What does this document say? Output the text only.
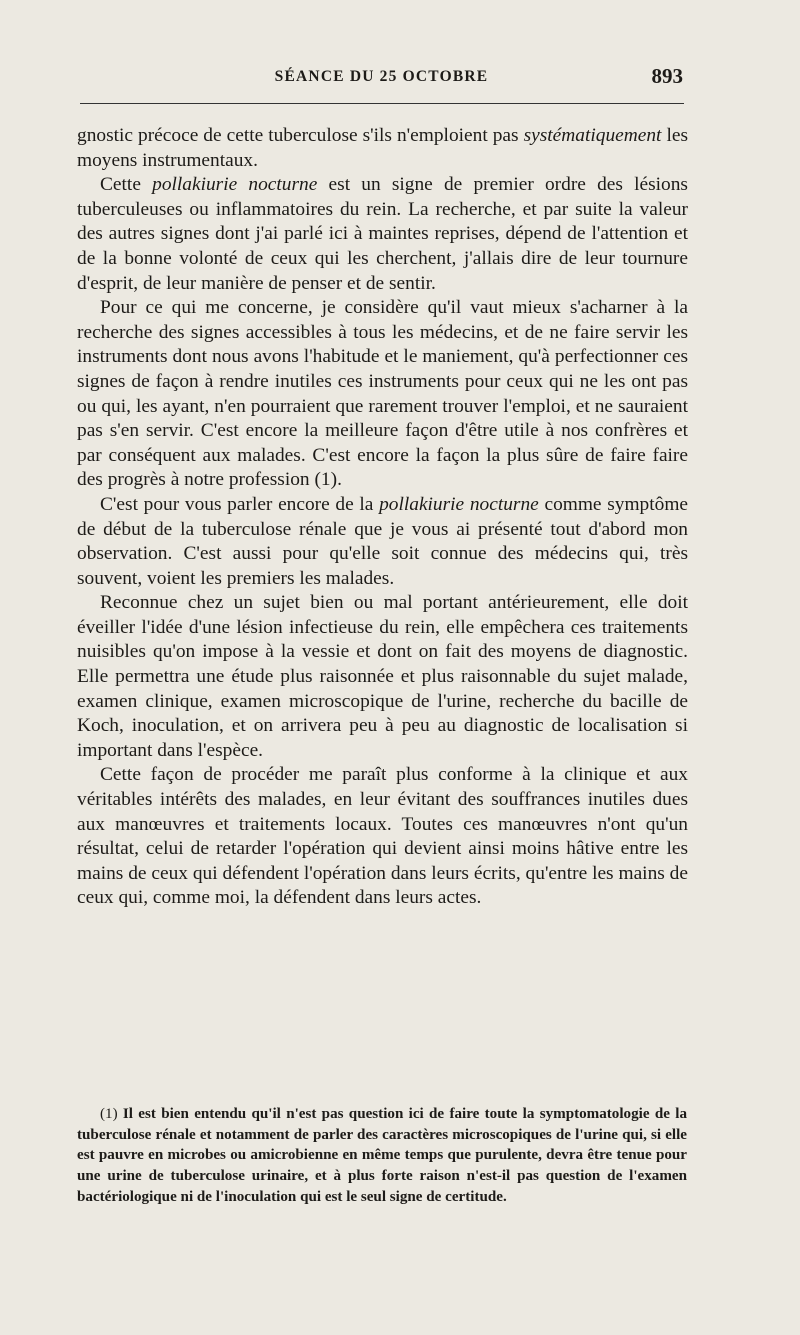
SÉANCE DU 25 OCTOBRE	893

gnostic précoce de cette tuberculose s'ils n'emploient pas systématiquement les moyens instrumentaux.

Cette pollakiurie nocturne est un signe de premier ordre des lésions tuberculeuses ou inflammatoires du rein. La recherche, et par suite la valeur des autres signes dont j'ai parlé ici à maintes reprises, dépend de l'attention et de la bonne volonté de ceux qui les cherchent, j'allais dire de leur tournure d'esprit, de leur manière de penser et de sentir.

Pour ce qui me concerne, je considère qu'il vaut mieux s'acharner à la recherche des signes accessibles à tous les médecins, et de ne faire servir les instruments dont nous avons l'habitude et le maniement, qu'à perfectionner ces signes de façon à rendre inutiles ces instruments pour ceux qui ne les ont pas ou qui, les ayant, n'en pourraient que rarement trouver l'emploi, et ne sauraient pas s'en servir. C'est encore la meilleure façon d'être utile à nos confrères et par conséquent aux malades. C'est encore la façon la plus sûre de faire faire des progrès à notre profession (1).

C'est pour vous parler encore de la pollakiurie nocturne comme symptôme de début de la tuberculose rénale que je vous ai présenté tout d'abord mon observation. C'est aussi pour qu'elle soit connue des médecins qui, très souvent, voient les premiers les malades.

Reconnue chez un sujet bien ou mal portant antérieurement, elle doit éveiller l'idée d'une lésion infectieuse du rein, elle empêchera ces traitements nuisibles qu'on impose à la vessie et dont on fait des moyens de diagnostic. Elle permettra une étude plus raisonnée et plus raisonnable du sujet malade, examen clinique, examen microscopique de l'urine, recherche du bacille de Koch, inoculation, et on arrivera peu à peu au diagnostic de localisation si important dans l'espèce.

Cette façon de procéder me paraît plus conforme à la clinique et aux véritables intérêts des malades, en leur évitant des souffrances inutiles dues aux manœuvres et traitements locaux. Toutes ces manœuvres n'ont qu'un résultat, celui de retarder l'opération qui devient ainsi moins hâtive entre les mains de ceux qui défendent l'opération dans leurs écrits, qu'entre les mains de ceux qui, comme moi, la défendent dans leurs actes.

(1) Il est bien entendu qu'il n'est pas question ici de faire toute la symptomatologie de la tuberculose rénale et notamment de parler des caractères microscopiques de l'urine qui, si elle est pauvre en microbes ou amicrobienne en même temps que purulente, devra être tenue pour une urine de tuberculose urinaire, et à plus forte raison n'est-il pas question de l'examen bactériologique ni de l'inoculation qui est le seul signe de certitude.
